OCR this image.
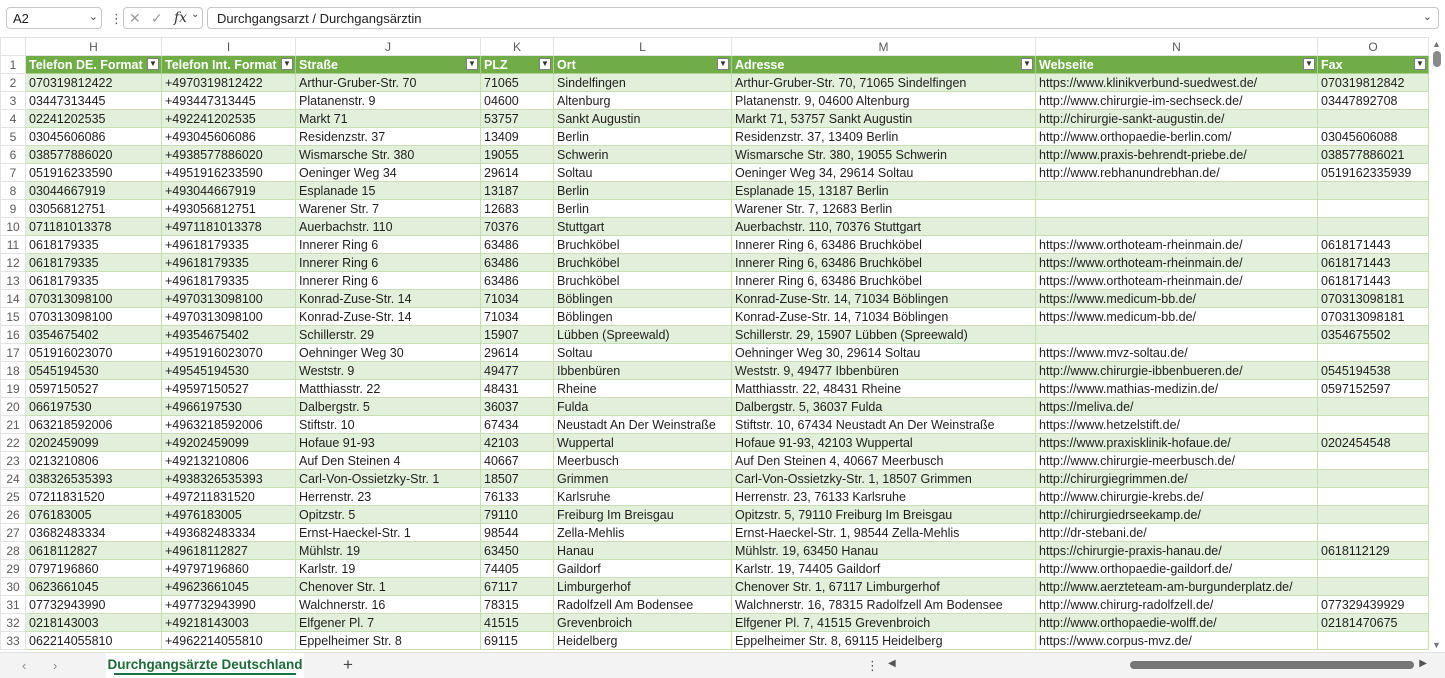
A2	⌄ ⋮ ✕ ✓ fx ⌄ Durchgangsarzt / Durchgangsärztin	⌄
	H	I	J	K	L	M	N	O
1	Telefon DE. Format ▼	Telefon Int. Format ▼	Straße ▼	PLZ ▼	Ort ▼	Adresse ▼	Webseite ▼	Fax ▼

2	070319812422	+4970319812422	Arthur-Gruber-Str. 70	71065	Sindelfingen	Arthur-Gruber-Str. 70, 71065 Sindelfingen	https://www.klinikverbund-suedwest.de/	070319812842
3	03447313445	+493447313445	Platanenstr. 9	04600	Altenburg	Platanenstr. 9, 04600 Altenburg	http://www.chirurgie-im-sechseck.de/	03447892708
4	02241202535	+492241202535	Markt 71	53757	Sankt Augustin	Markt 71, 53757 Sankt Augustin	http://chirurgie-sankt-augustin.de/	
5	03045606086	+493045606086	Residenzstr. 37	13409	Berlin	Residenzstr. 37, 13409 Berlin	http://www.orthopaedie-berlin.com/	03045606088
6	038577886020	+4938577886020	Wismarsche Str. 380	19055	Schwerin	Wismarsche Str. 380, 19055 Schwerin	http://www.praxis-behrendt-priebe.de/	038577886021
7	051916233590	+4951916233590	Oeninger Weg 34	29614	Soltau	Oeninger Weg 34, 29614 Soltau	http://www.rebhanundrebhan.de/	0519162335939
8	03044667919	+493044667919	Esplanade 15	13187	Berlin	Esplanade 15, 13187 Berlin		
9	03056812751	+493056812751	Warener Str. 7	12683	Berlin	Warener Str. 7, 12683 Berlin		
10	071181013378	+4971181013378	Auerbachstr. 110	70376	Stuttgart	Auerbachstr. 110, 70376 Stuttgart		
11	0618179335	+49618179335	Innerer Ring 6	63486	Bruchköbel	Innerer Ring 6, 63486 Bruchköbel	https://www.orthoteam-rheinmain.de/	0618171443
12	0618179335	+49618179335	Innerer Ring 6	63486	Bruchköbel	Innerer Ring 6, 63486 Bruchköbel	https://www.orthoteam-rheinmain.de/	0618171443
13	0618179335	+49618179335	Innerer Ring 6	63486	Bruchköbel	Innerer Ring 6, 63486 Bruchköbel	https://www.orthoteam-rheinmain.de/	0618171443
14	070313098100	+4970313098100	Konrad-Zuse-Str. 14	71034	Böblingen	Konrad-Zuse-Str. 14, 71034 Böblingen	https://www.medicum-bb.de/	070313098181
15	070313098100	+4970313098100	Konrad-Zuse-Str. 14	71034	Böblingen	Konrad-Zuse-Str. 14, 71034 Böblingen	https://www.medicum-bb.de/	070313098181
16	0354675402	+49354675402	Schillerstr. 29	15907	Lübben (Spreewald)	Schillerstr. 29, 15907 Lübben (Spreewald)		0354675502
17	051916023070	+4951916023070	Oehninger Weg 30	29614	Soltau	Oehninger Weg 30, 29614 Soltau	https://www.mvz-soltau.de/	
18	0545194530	+49545194530	Weststr. 9	49477	Ibbenbüren	Weststr. 9, 49477 Ibbenbüren	http://www.chirurgie-ibbenbueren.de/	0545194538
19	0597150527	+49597150527	Matthiasstr. 22	48431	Rheine	Matthiasstr. 22, 48431 Rheine	https://www.mathias-medizin.de/	0597152597
20	066197530	+4966197530	Dalbergstr. 5	36037	Fulda	Dalbergstr. 5, 36037 Fulda	https://meliva.de/	
21	063218592006	+4963218592006	Stiftstr. 10	67434	Neustadt An Der Weinstraße	Stiftstr. 10, 67434 Neustadt An Der Weinstraße	https://www.hetzelstift.de/	
22	0202459099	+49202459099	Hofaue 91-93	42103	Wuppertal	Hofaue 91-93, 42103 Wuppertal	https://www.praxisklinik-hofaue.de/	0202454548
23	0213210806	+49213210806	Auf Den Steinen 4	40667	Meerbusch	Auf Den Steinen 4, 40667 Meerbusch	http://www.chirurgie-meerbusch.de/	
24	038326535393	+4938326535393	Carl-Von-Ossietzky-Str. 1	18507	Grimmen	Carl-Von-Ossietzky-Str. 1, 18507 Grimmen	http://chirurgiegrimmen.de/	
25	07211831520	+497211831520	Herrenstr. 23	76133	Karlsruhe	Herrenstr. 23, 76133 Karlsruhe	http://www.chirurgie-krebs.de/	
26	076183005	+4976183005	Opitzstr. 5	79110	Freiburg Im Breisgau	Opitzstr. 5, 79110 Freiburg Im Breisgau	http://chirurgiedrseekamp.de/	
27	03682483334	+493682483334	Ernst-Haeckel-Str. 1	98544	Zella-Mehlis	Ernst-Haeckel-Str. 1, 98544 Zella-Mehlis	http://dr-stebani.de/	
28	0618112827	+49618112827	Mühlstr. 19	63450	Hanau	Mühlstr. 19, 63450 Hanau	https://chirurgie-praxis-hanau.de/	0618112129
29	0797196860	+49797196860	Karlstr. 19	74405	Gaildorf	Karlstr. 19, 74405 Gaildorf	http://www.orthopaedie-gaildorf.de/	
30	0623661045	+49623661045	Chenover Str. 1	67117	Limburgerhof	Chenover Str. 1, 67117 Limburgerhof	http://www.aerzteteam-am-burgunderplatz.de/	
31	07732943990	+497732943990	Walchnerstr. 16	78315	Radolfzell Am Bodensee	Walchnerstr. 16, 78315 Radolfzell Am Bodensee	http://www.chirurg-radolfzell.de/	077329439929
32	0218143003	+49218143003	Elfgener Pl. 7	41515	Grevenbroich	Elfgener Pl. 7, 41515 Grevenbroich	http://www.orthopaedie-wolff.de/	02181470675
33	062214055810	+4962214055810	Eppelheimer Str. 8	69115	Heidelberg	Eppelheimer Str. 8, 69115 Heidelberg	https://www.corpus-mvz.de/	
▲
▼
‹ ›	Durchgangsärzte Deutschland +	⋮ ◀	▶
